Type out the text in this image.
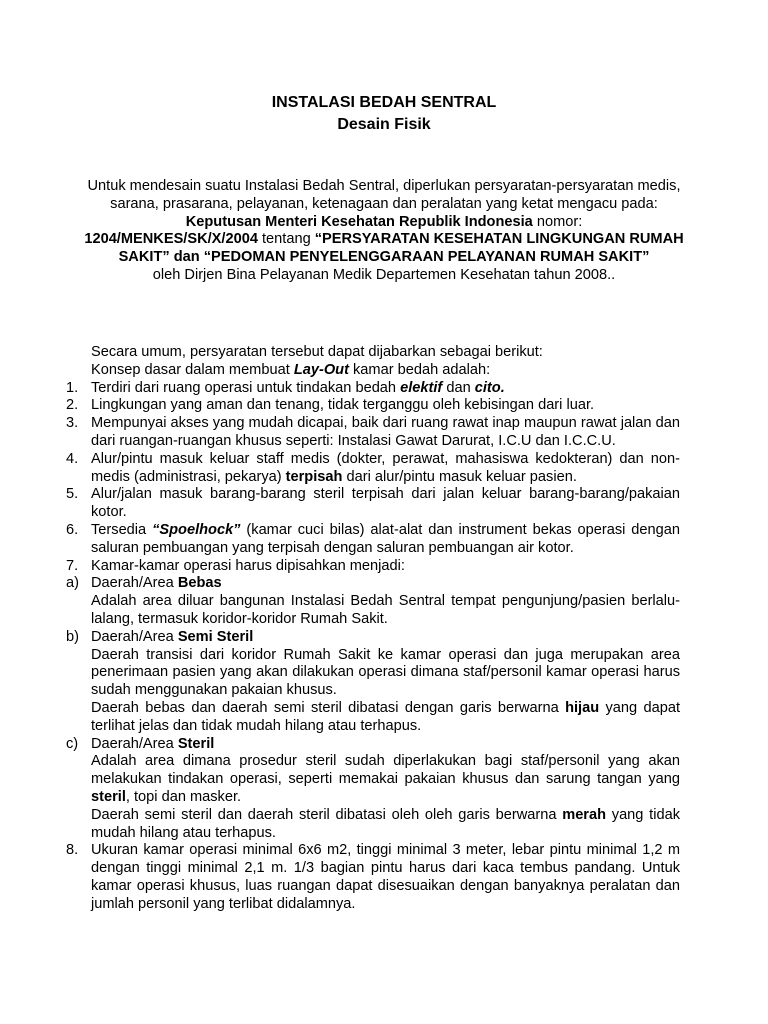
INSTALASI BEDAH SENTRAL
Desain Fisik
Untuk mendesain suatu Instalasi Bedah Sentral, diperlukan persyaratan-persyaratan medis, sarana, prasarana, pelayanan, ketenagaan dan peralatan yang ketat mengacu pada: Keputusan Menteri Kesehatan Republik Indonesia nomor:
1204/MENKES/SK/X/2004 tentang “PERSYARATAN KESEHATAN LINGKUNGAN RUMAH SAKIT” dan “PEDOMAN PENYELENGGARAAN PELAYANAN RUMAH SAKIT”
oleh Dirjen Bina Pelayanan Medik Departemen Kesehatan tahun 2008..
Secara umum, persyaratan tersebut dapat dijabarkan sebagai berikut:
Konsep dasar dalam membuat Lay-Out kamar bedah adalah:
1. Terdiri dari ruang operasi untuk tindakan bedah elektif dan cito.
2. Lingkungan yang aman dan tenang, tidak terganggu oleh kebisingan dari luar.
3. Mempunyai akses yang mudah dicapai, baik dari ruang rawat inap maupun rawat jalan dan dari ruangan-ruangan khusus seperti: Instalasi Gawat Darurat, I.C.U dan I.C.C.U.
4. Alur/pintu masuk keluar staff medis (dokter, perawat, mahasiswa kedokteran) dan non-medis (administrasi, pekarya) terpisah dari alur/pintu masuk keluar pasien.
5. Alur/jalan masuk barang-barang steril terpisah dari jalan keluar barang-barang/pakaian kotor.
6. Tersedia “Spoelhock” (kamar cuci bilas) alat-alat dan instrument bekas operasi dengan saluran pembuangan yang terpisah dengan saluran pembuangan air kotor.
7. Kamar-kamar operasi harus dipisahkan menjadi:
a) Daerah/Area Bebas
Adalah area diluar bangunan Instalasi Bedah Sentral tempat pengunjung/pasien berlalu-lalang, termasuk koridor-koridor Rumah Sakit.
b) Daerah/Area Semi Steril
Daerah transisi dari koridor Rumah Sakit ke kamar operasi dan juga merupakan area penerimaan pasien yang akan dilakukan operasi dimana staf/personil kamar operasi harus sudah menggunakan pakaian khusus.
Daerah bebas dan daerah semi steril dibatasi dengan garis berwarna hijau yang dapat terlihat jelas dan tidak mudah hilang atau terhapus.
c) Daerah/Area Steril
Adalah area dimana prosedur steril sudah diperlakukan bagi staf/personil yang akan melakukan tindakan operasi, seperti memakai pakaian khusus dan sarung tangan yang steril, topi dan masker.
Daerah semi steril dan daerah steril dibatasi oleh oleh garis berwarna merah yang tidak mudah hilang atau terhapus.
8. Ukuran kamar operasi minimal 6x6 m2, tinggi minimal 3 meter, lebar pintu minimal 1,2 m dengan tinggi minimal 2,1 m. 1/3 bagian pintu harus dari kaca tembus pandang. Untuk kamar operasi khusus, luas ruangan dapat disesuaikan dengan banyaknya peralatan dan jumlah personil yang terlibat didalamnya.
